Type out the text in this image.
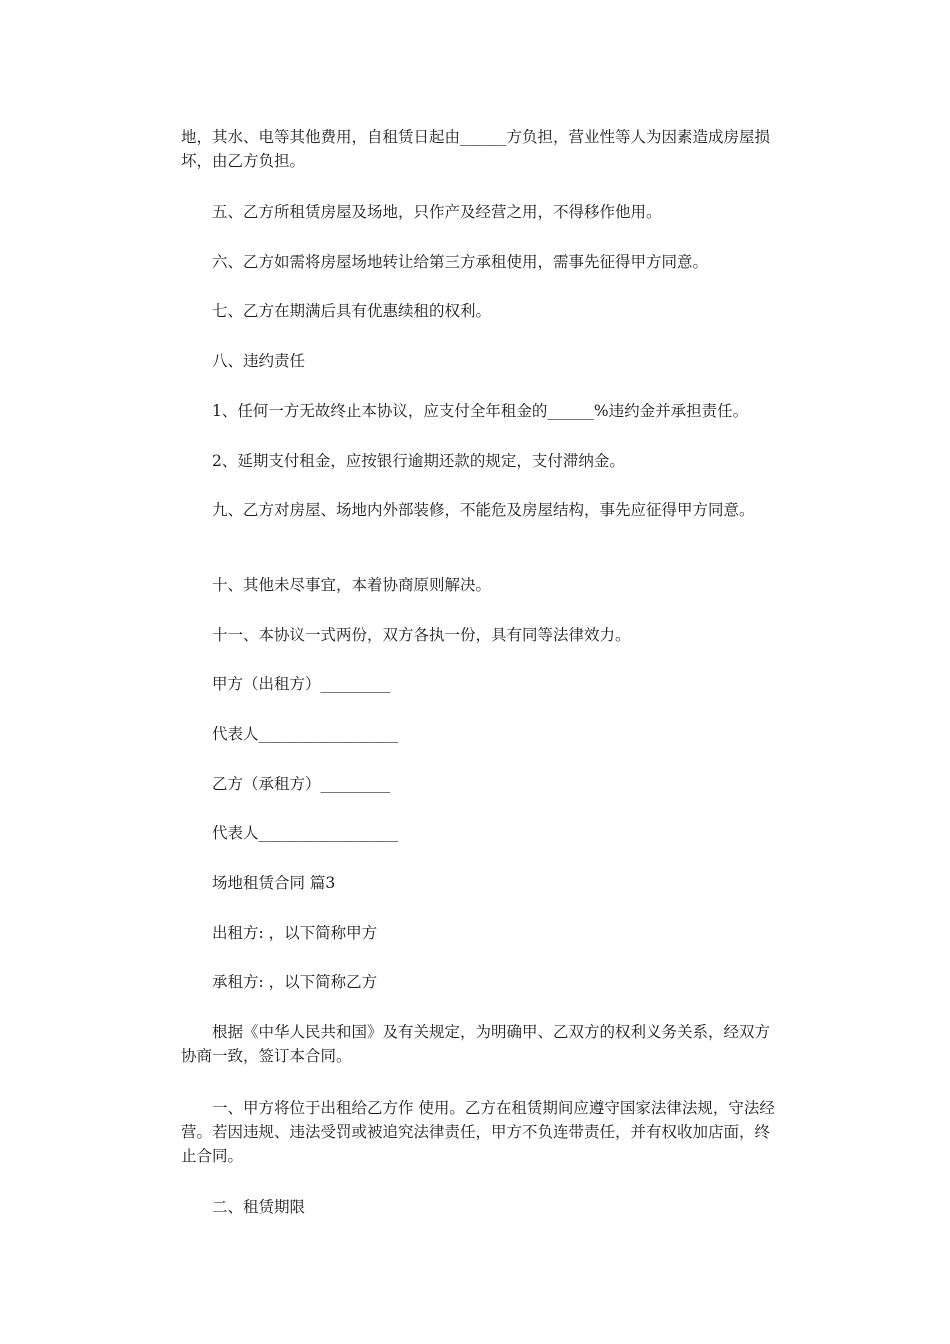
地，其水、电等其他费用，自租赁日起由______方负担，营业性等人为因素造成房屋损坏，由乙方负担。

五、乙方所租赁房屋及场地，只作产及经营之用，不得移作他用。

六、乙方如需将房屋场地转让给第三方承租使用，需事先征得甲方同意。

七、乙方在期满后具有优惠续租的权利。

八、违约责任

1、任何一方无故终止本协议，应支付全年租金的______%违约金并承担责任。

2、延期支付租金，应按银行逾期还款的规定，支付滞纳金。

九、乙方对房屋、场地内外部装修，不能危及房屋结构，事先应征得甲方同意。

十、其他未尽事宜，本着协商原则解决。

十一、本协议一式两份，双方各执一份，具有同等法律效力。

甲方（出租方）_________

代表人__________________

乙方（承租方）_________

代表人__________________

场地租赁合同 篇3

出租方: ，以下简称甲方

承租方: ，以下简称乙方

根据《中华人民共和国》及有关规定，为明确甲、乙双方的权利义务关系，经双方协商一致，签订本合同。

一、甲方将位于出租给乙方作 使用。乙方在租赁期间应遵守国家法律法规，守法经营。若因违规、违法受罚或被追究法律责任，甲方不负连带责任，并有权收加店面，终止合同。

二、租赁期限
